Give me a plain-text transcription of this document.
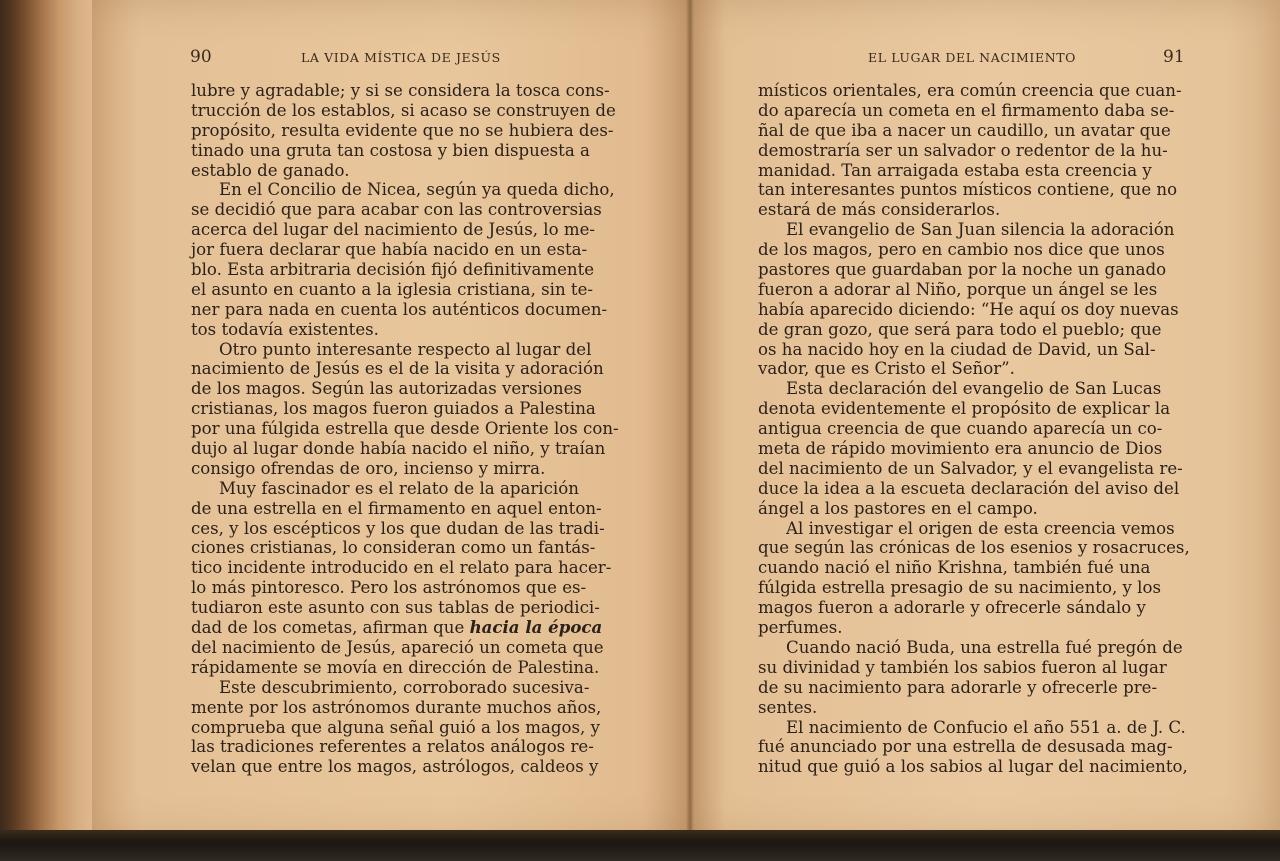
90	LA VIDA MÍSTICA DE JESÚS	EL LUGAR DEL NACIMIENTO	91
lubre y agradable; y si se considera la tosca cons-
trucción de los establos, si acaso se construyen de
propósito, resulta evidente que no se hubiera des-
tinado una gruta tan costosa y bien dispuesta a
establo de ganado.
En el Concilio de Nicea, según ya queda dicho,
se decidió que para acabar con las controversias
acerca del lugar del nacimiento de Jesús, lo me-
jor fuera declarar que había nacido en un esta-
blo. Esta arbitraria decisión fijó definitivamente
el asunto en cuanto a la iglesia cristiana, sin te-
ner para nada en cuenta los auténticos documen-
tos todavía existentes.
Otro punto interesante respecto al lugar del
nacimiento de Jesús es el de la visita y adoración
de los magos. Según las autorizadas versiones
cristianas, los magos fueron guiados a Palestina
por una fúlgida estrella que desde Oriente los con-
dujo al lugar donde había nacido el niño, y traían
consigo ofrendas de oro, incienso y mirra.
Muy fascinador es el relato de la aparición
de una estrella en el firmamento en aquel enton-
ces, y los escépticos y los que dudan de las tradi-
ciones cristianas, lo consideran como un fantás-
tico incidente introducido en el relato para hacer-
lo más pintoresco. Pero los astrónomos que es-
tudiaron este asunto con sus tablas de periodici-
dad de los cometas, afirman que hacia la época
del nacimiento de Jesús, apareció un cometa que
rápidamente se movía en dirección de Palestina.
Este descubrimiento, corroborado sucesiva-
mente por los astrónomos durante muchos años,
comprueba que alguna señal guió a los magos, y
las tradiciones referentes a relatos análogos re-
velan que entre los magos, astrólogos, caldeos y
místicos orientales, era común creencia que cuan-
do aparecía un cometa en el firmamento daba se-
ñal de que iba a nacer un caudillo, un avatar que
demostraría ser un salvador o redentor de la hu-
manidad. Tan arraigada estaba esta creencia y
tan interesantes puntos místicos contiene, que no
estará de más considerarlos.
El evangelio de San Juan silencia la adoración
de los magos, pero en cambio nos dice que unos
pastores que guardaban por la noche un ganado
fueron a adorar al Niño, porque un ángel se les
había aparecido diciendo: “He aquí os doy nuevas
de gran gozo, que será para todo el pueblo; que
os ha nacido hoy en la ciudad de David, un Sal-
vador, que es Cristo el Señor”.
Esta declaración del evangelio de San Lucas
denota evidentemente el propósito de explicar la
antigua creencia de que cuando aparecía un co-
meta de rápido movimiento era anuncio de Dios
del nacimiento de un Salvador, y el evangelista re-
duce la idea a la escueta declaración del aviso del
ángel a los pastores en el campo.
Al investigar el origen de esta creencia vemos
que según las crónicas de los esenios y rosacruces,
cuando nació el niño Krishna, también fué una
fúlgida estrella presagio de su nacimiento, y los
magos fueron a adorarle y ofrecerle sándalo y
perfumes.
Cuando nació Buda, una estrella fué pregón de
su divinidad y también los sabios fueron al lugar
de su nacimiento para adorarle y ofrecerle pre-
sentes.
El nacimiento de Confucio el año 551 a. de J. C.
fué anunciado por una estrella de desusada mag-
nitud que guió a los sabios al lugar del nacimiento,
